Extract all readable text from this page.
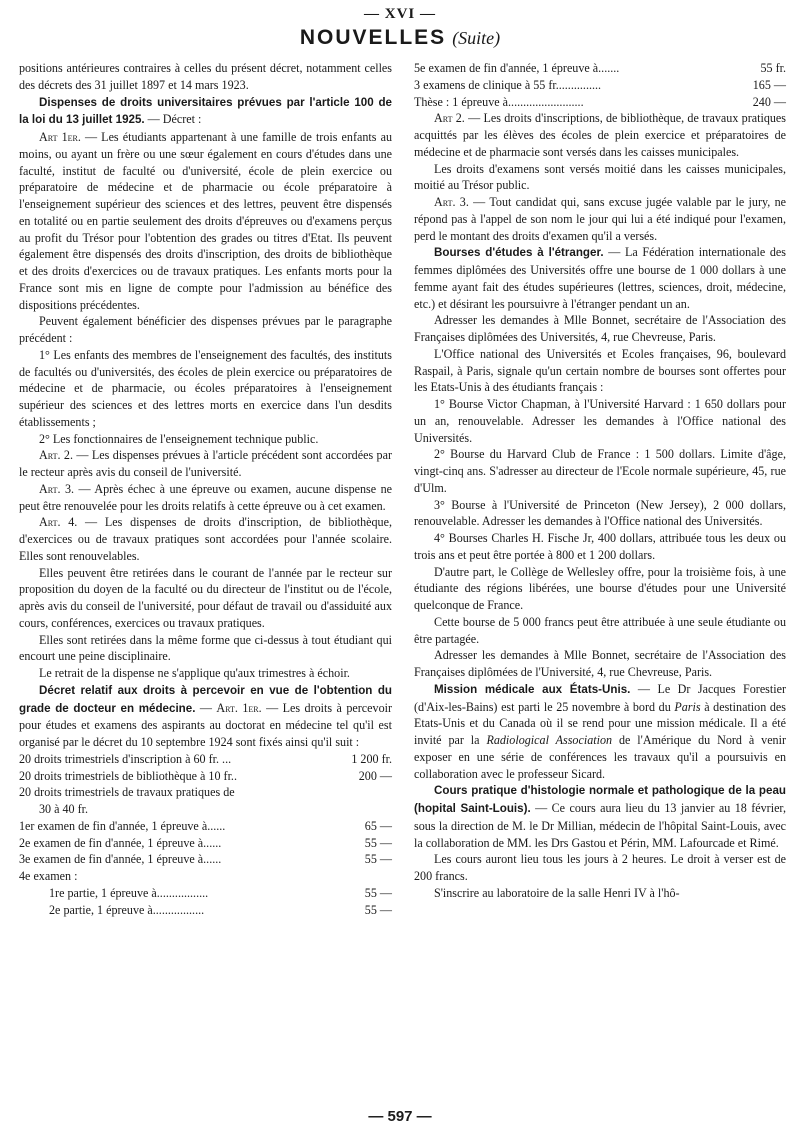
— XVI —
NOUVELLES (Suite)

positions antérieures contraires à celles du présent décret, notamment celles des décrets des 31 juillet 1897 et 14 mars 1923.

Dispenses de droits universitaires prévues par l'article 100 de la loi du 13 juillet 1925. — Décret :

Art 1er. — Les étudiants appartenant à une famille de trois enfants au moins, ou ayant un frère ou une sœur également en cours d'études dans une faculté, institut de faculté ou d'université, école de plein exercice ou préparatoire de médecine et de pharmacie ou école préparatoire à l'enseignement supérieur des sciences et des lettres, peuvent être dispensés en totalité ou en partie seulement des droits d'épreuves ou d'examens perçus au profit du Trésor pour l'obtention des grades ou titres d'Etat. Ils peuvent également être dispensés des droits d'inscription, des droits de bibliothèque et des droits d'exercices ou de travaux pratiques. Les enfants morts pour la France sont mis en ligne de compte pour l'admission au bénéfice des dispositions précédentes.

Peuvent également bénéficier des dispenses prévues par le paragraphe précédent :

1° Les enfants des membres de l'enseignement des facultés, des instituts de facultés ou d'universités, des écoles de plein exercice ou préparatoires de médecine et de pharmacie, ou écoles préparatoires à l'enseignement supérieur des sciences et des lettres morts en exercice dans l'un desdits établissements ;

2° Les fonctionnaires de l'enseignement technique public.

Art. 2. — Les dispenses prévues à l'article précédent sont accordées par le recteur après avis du conseil de l'université.

Art. 3. — Après échec à une épreuve ou examen, aucune dispense ne peut être renouvelée pour les droits relatifs à cette épreuve ou à cet examen.

Art. 4. — Les dispenses de droits d'inscription, de bibliothèque, d'exercices ou de travaux pratiques sont accordées pour l'année scolaire. Elles sont renouvelables.

Elles peuvent être retirées dans le courant de l'année par le recteur sur proposition du doyen de la faculté ou du directeur de l'institut ou de l'école, après avis du conseil de l'université, pour défaut de travail ou d'assiduité aux cours, conférences, exercices ou travaux pratiques.

Elles sont retirées dans la même forme que ci-dessus à tout étudiant qui encourt une peine disciplinaire.

Le retrait de la dispense ne s'applique qu'aux trimestres à échoir.

Décret relatif aux droits à percevoir en vue de l'obtention du grade de docteur en médecine. — Art. 1er. — Les droits à percevoir pour études et examens des aspirants au doctorat en médecine tel qu'il est organisé par le décret du 10 septembre 1924 sont fixés ainsi qu'il suit :

20 droits trimestriels d'inscription à 60 fr. ...	1 200 fr.
20 droits trimestriels de bibliothèque à 10 fr..	200 —
20 droits trimestriels de travaux pratiques de
30 à 40 fr.
1er examen de fin d'année, 1 épreuve à......	65 —
2e examen de fin d'année, 1 épreuve à......	55 —
3e examen de fin d'année, 1 épreuve à......	55 —
4e examen :
1re partie, 1 épreuve à.................	55 —
2e partie, 1 épreuve à.................	55 —
5e examen de fin d'année, 1 épreuve à.......	55 fr.
3 examens de clinique à 55 fr...............	165 —
Thèse : 1 épreuve à.........................	240 —

Art 2. — Les droits d'inscriptions, de bibliothèque, de travaux pratiques acquittés par les élèves des écoles de plein exercice et préparatoires de médecine et de pharmacie sont versés dans les caisses municipales.

Les droits d'examens sont versés moitié dans les caisses municipales, moitié au Trésor public.

Art. 3. — Tout candidat qui, sans excuse jugée valable par le jury, ne répond pas à l'appel de son nom le jour qui lui a été indiqué pour l'examen, perd le montant des droits d'examen qu'il a versés.

Bourses d'études à l'étranger. — La Fédération internationale des femmes diplômées des Universités offre une bourse de 1 000 dollars à une femme ayant fait des études supérieures (lettres, sciences, droit, médecine, etc.) et désirant les poursuivre à l'étranger pendant un an.

Adresser les demandes à Mlle Bonnet, secrétaire de l'Association des Françaises diplômées des Universités, 4, rue Chevreuse, Paris.

L'Office national des Universités et Ecoles françaises, 96, boulevard Raspail, à Paris, signale qu'un certain nombre de bourses sont offertes pour les Etats-Unis à des étudiants français :

1° Bourse Victor Chapman, à l'Université Harvard : 1 650 dollars pour un an, renouvelable. Adresser les demandes à l'Office national des Universités.

2° Bourse du Harvard Club de France : 1 500 dollars. Limite d'âge, vingt-cinq ans. S'adresser au directeur de l'Ecole normale supérieure, 45, rue d'Ulm.

3° Bourse à l'Université de Princeton (New Jersey), 2 000 dollars, renouvelable. Adresser les demandes à l'Office national des Universités.

4° Bourses Charles H. Fische Jr, 400 dollars, attribuée tous les deux ou trois ans et peut être portée à 800 et 1 200 dollars.

D'autre part, le Collège de Wellesley offre, pour la troisième fois, à une étudiante des régions libérées, une bourse d'études pour une Université quelconque de France.

Cette bourse de 5 000 francs peut être attribuée à une seule étudiante ou être partagée.

Adresser les demandes à Mlle Bonnet, secrétaire de l'Association des Françaises diplômées de l'Université, 4, rue Chevreuse, Paris.

Mission médicale aux États-Unis. — Le Dr Jacques Forestier (d'Aix-les-Bains) est parti le 25 novembre à bord du Paris à destination des Etats-Unis et du Canada où il se rend pour une mission médicale. Il a été invité par la Radiological Association de l'Amérique du Nord à venir exposer en une série de conférences les travaux qu'il a poursuivis en collaboration avec le professeur Sicard.

Cours pratique d'histologie normale et pathologique de la peau (hopital Saint-Louis). — Ce cours aura lieu du 13 janvier au 18 février, sous la direction de M. le Dr Millian, médecin de l'hôpital Saint-Louis, avec la collaboration de MM. les Drs Gastou et Périn, MM. Lafourcade et Rimé.

Les cours auront lieu tous les jours à 2 heures. Le droit à verser est de 200 francs.

S'inscrire au laboratoire de la salle Henri IV à l'hô-

— 597 —
